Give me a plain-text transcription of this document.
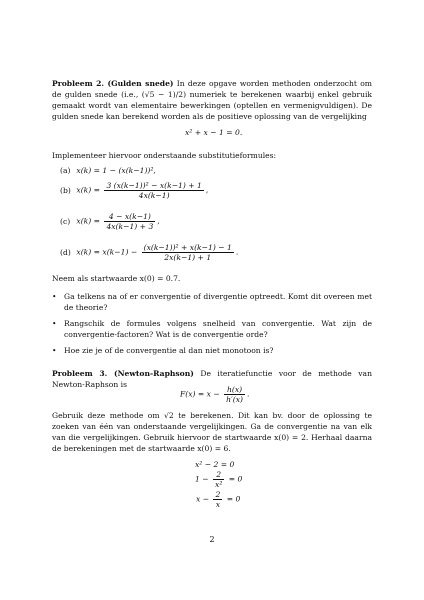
Probleem 2. (Gulden snede) In deze opgave worden methoden onderzocht om de gulden snede (i.e., (√5 − 1)/2) numeriek te berekenen waarbij enkel gebruik gemaakt wordt van elementaire bewerkingen (optellen en vermenigvuldigen). De gulden snede kan berekend worden als de positieve oplossing van de vergelijking
x² + x − 1 = 0.
Implementeer hiervoor onderstaande substitutieformules:
(a) x(k) = 1 − (x(k−1))²,
(b) $x(k) = \frac{\text{3 (x(k−1))² − x(k−1) + 1}}{4x(k-1)}$ ,
(c) $x(k) = \frac{4 - x(k-1)}{4x(k-1) + 3}$ ,
(d) $x(k) = x(k-1) - \frac{\text{(x(k−1))² + x(k−1) − 1}}{2x(k-1) + 1}$ .
Neem als startwaarde x(0) = 0.7.
• Ga telkens na of er convergentie of divergentie optreedt. Komt dit overeen met de theorie?
• Rangschik de formules volgens snelheid van convergentie. Wat zijn de convergentie-factoren? Wat is de convergentie orde?
• Hoe zie je of de convergentie al dan niet monotoon is?
Probleem 3. (Newton-Raphson) De iteratiefunctie voor de methode van Newton-Raphson is
$F(x) = x - \frac{h(x)}{h'(x)}$ .
Gebruik deze methode om √2 te berekenen. Dit kan bv. door de oplossing te zoeken van één van onderstaande vergelijkingen. Ga de convergentie na van elk van die vergelijkingen. Gebruik hiervoor de startwaarde x(0) = 2. Herhaal daarna de berekeningen met de startwaarde x(0) = 6.
x² − 2 = 0
$1 - \frac{2}{\text{x²}} = 0$
$x - \frac{2}{x} = 0$
2
